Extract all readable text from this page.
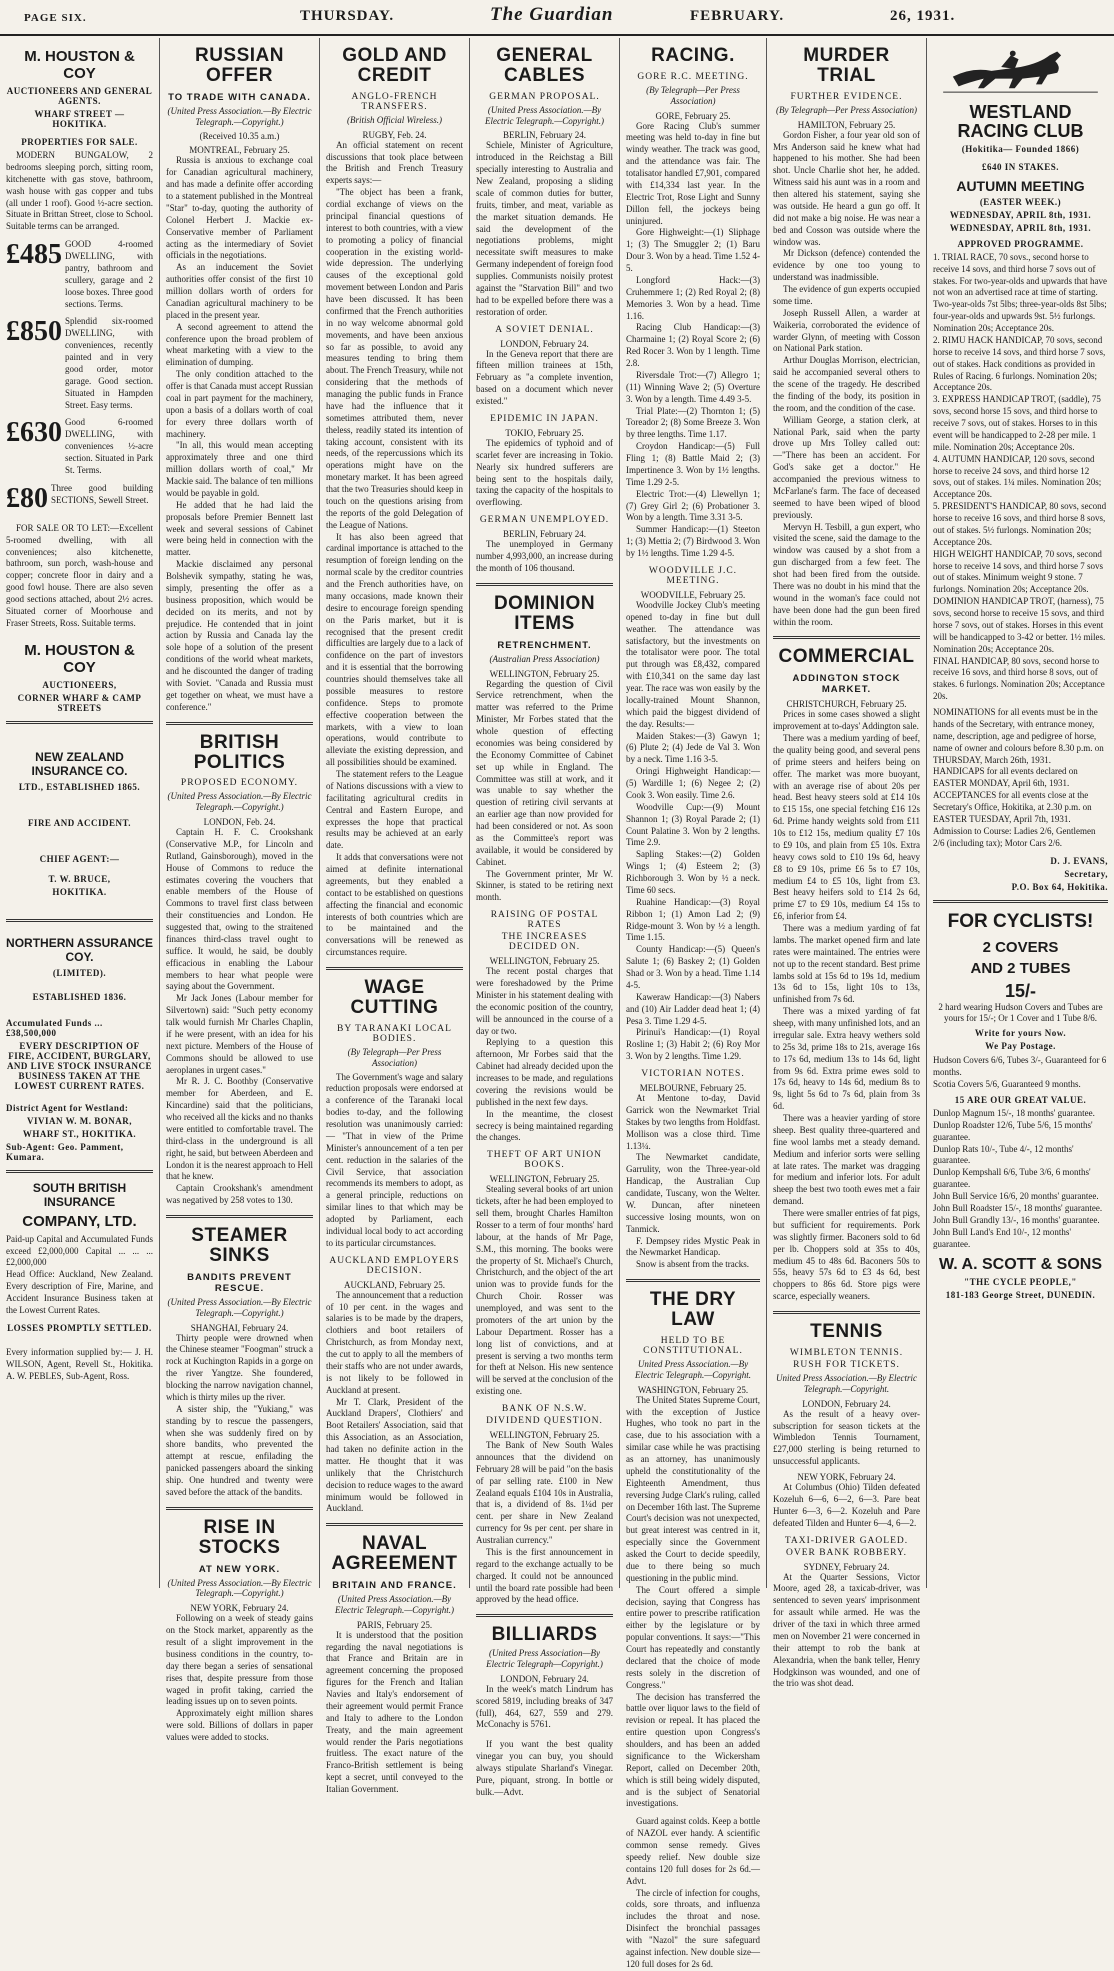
PAGE SIX.	THURSDAY.	The Guardian	FEBRUARY.	26, 1931.
M. HOUSTON & COY
AUCTIONEERS AND GENERAL AGENTS.
WHARF STREET — HOKITIKA.
PROPERTIES FOR SALE.

MODERN BUNGALOW, 2 bedrooms sleeping porch, sitting room, kitchenette with gas stove, bathroom, wash house with gas copper and tubs (all under 1 roof). Good ½-acre section. Situate in Brittan Street, close to School. Suitable terms can be arranged.

£485 GOOD 4-roomed DWELLING, with pantry, bathroom and scullery, garage and 2 loose boxes. Three good sections. Terms.

£850 Splendid six-roomed DWELLING, with conveniences, recently painted and in very good order, motor garage. Good section. Situated in Hampden Street. Easy terms.

£630 Good 6-roomed DWELLING, with conveniences ½-acre section. Situated in Park St. Terms.

£80 Three good building SECTIONS, Sewell Street.

FOR SALE OR TO LET:—Excellent 5-roomed dwelling, with all conveniences; also kitchenette, bathroom, sun porch, wash-house and copper; concrete floor in dairy and a good fowl house. There are also seven good sections attached, about 2½ acres. Situated corner of Moorhouse and Fraser Streets, Ross. Suitable terms.

M. HOUSTON & COY
AUCTIONEERS,
CORNER WHARF & CAMP STREETS
NEW ZEALAND INSURANCE CO.
LTD., ESTABLISHED 1865.
FIRE AND ACCIDENT.
CHIEF AGENT:—
T. W. BRUCE,
HOKITIKA.
NORTHERN ASSURANCE COY.
(LIMITED).
ESTABLISHED 1836.
Accumulated Funds ... £38,500,000
EVERY DESCRIPTION OF FIRE, ACCIDENT, BURGLARY, AND LIVE STOCK INSURANCE BUSINESS TAKEN AT THE LOWEST CURRENT RATES.
District Agent for Westland:
VIVIAN W. M. BONAR,
WHARF ST., HOKITIKA.
Sub-Agent: Geo. Pamment, Kumara.
SOUTH BRITISH INSURANCE
COMPANY, LTD.

Paid-up Capital and Accumulated Funds exceed £2,000,000 Capital ... ... ... £2,000,000

Head Office: Auckland, New Zealand. Every description of Fire, Marine, and Accident Insurance Business taken at the Lowest Current Rates.

LOSSES PROMPTLY SETTLED.

Every information supplied by:— J. H. WILSON, Agent, Revell St., Hokitika. A. W. PEBLES, Sub-Agent, Ross.

RUSSIAN OFFER
TO TRADE WITH CANADA.
(United Press Association.—By Electric Telegraph.—Copyright.)
(Received 10.35 a.m.)
MONTREAL, February 25.

Russia is anxious to exchange coal for Canadian agricultural machinery, and has made a definite offer according to a statement published in the Montreal "Star" to-day, quoting the authority of Colonel Herbert J. Mackie ex-Conservative member of Parliament acting as the intermediary of Soviet officials in the negotiations.

As an inducement the Soviet authorities offer consist of the first 10 million dollars worth of orders for Canadian agricultural machinery to be placed in the present year.

A second agreement to attend the conference upon the broad problem of wheat marketing with a view to the elimination of dumping.

The only condition attached to the offer is that Canada must accept Russian coal in part payment for the machinery, upon a basis of a dollars worth of coal for every three dollars worth of machinery.

"In all, this would mean accepting approximately three and one third million dollars worth of coal," Mr Mackie said. The balance of ten millions would be payable in gold.

He added that he had laid the proposals before Premier Bennett last week and several sessions of Cabinet were being held in connection with the matter.

Mackie disclaimed any personal Bolshevik sympathy, stating he was, simply, presenting the offer as a business proposition, which would be decided on its merits, and not by prejudice. He contended that in joint action by Russia and Canada lay the sole hope of a solution of the present conditions of the world wheat markets, and he discounted the danger of trading with Soviet. "Canada and Russia must get together on wheat, we must have a conference."

BRITISH POLITICS
PROPOSED ECONOMY.
(United Press Association.—By Electric Telegraph.—Copyright.)
LONDON, Feb. 24.

Captain H. F. C. Crookshank (Conservative M.P., for Lincoln and Rutland, Gainsborough), moved in the House of Commons to reduce the estimates covering the vouchers that enable members of the House of Commons to travel first class between their constituencies and London. He suggested that, owing to the straitened finances third-class travel ought to suffice. It would, he said, be doubly efficacious in enabling the Labour members to hear what people were saying about the Government.

Mr Jack Jones (Labour member for Silvertown) said: "Such petty economy talk would furnish Mr Charles Chaplin, if he were present, with an idea for his next picture. Members of the House of Commons should be allowed to use aeroplanes in urgent cases."

Mr R. J. C. Boothby (Conservative member for Aberdeen, and E. Kincardine) said that the politicians, who received all the kicks and no thanks were entitled to comfortable travel. The third-class in the underground is all right, he said, but between Aberdeen and London it is the nearest approach to Hell that he knew.

Captain Crookshank's amendment was negatived by 258 votes to 130.

STEAMER SINKS
BANDITS PREVENT RESCUE.
(United Press Association.—By Electric Telegraph.—Copyright.)
SHANGHAI, February 24.

Thirty people were drowned when the Chinese steamer "Foogman" struck a rock at Kuchington Rapids in a gorge on the river Yangtze. She foundered, blocking the narrow navigation channel, which is thirty miles up the river.

A sister ship, the "Yukiang," was standing by to rescue the passengers, when she was suddenly fired on by shore bandits, who prevented the attempt at rescue, enfilading the panicked passengers aboard the sinking ship. One hundred and twenty were saved before the attack of the bandits.

RISE IN STOCKS
AT NEW YORK.
(United Press Association.—By Electric Telegraph.—Copyright.)
NEW YORK, February 24.

Following on a week of steady gains on the Stock market, apparently as the result of a slight improvement in the business conditions in the country, to-day there began a series of sensational rises that, despite pressure from those waged in profit taking, carried the leading issues up on to seven points.

Approximately eight million shares were sold. Billions of dollars in paper values were added to stocks.

GOLD AND CREDIT
ANGLO-FRENCH TRANSFERS.
(British Official Wireless.)
RUGBY, Feb. 24.

An official statement on recent discussions that took place between the British and French Treasury experts says:—

"The object has been a frank, cordial exchange of views on the principal financial questions of interest to both countries, with a view to promoting a policy of financial cooperation in the existing world-wide depression. The underlying causes of the exceptional gold movement between London and Paris have been discussed. It has been confirmed that the French authorities in no way welcome abnormal gold movements, and have been anxious so far as possible, to avoid any measures tending to bring them about. The French Treasury, while not considering that the methods of managing the public funds in France have had the influence that it sometimes attributed them, never theless, readily stated its intention of taking account, consistent with its needs, of the repercussions which its operations might have on the monetary market. It has been agreed that the two Treasuries should keep in touch on the questions arising from the reports of the gold Delegation of the League of Nations.

It has also been agreed that cardinal importance is attached to the resumption of foreign lending on the normal scale by the creditor countries and the French authorities have, on many occasions, made known their desire to encourage foreign spending on the Paris market, but it is recognised that the present credit difficulties are largely due to a lack of confidence on the part of investors and it is essential that the borrowing countries should themselves take all possible measures to restore confidence. Steps to promote effective cooperation between the markets, with a view to loan operations, would contribute to alleviate the existing depression, and all possibilities should be examined.

The statement refers to the League of Nations discussions with a view to facilitating agricultural credits in Central and Eastern Europe, and expresses the hope that practical results may be achieved at an early date.

It adds that conversations were not aimed at definite international agreements, but they enabled a contact to be established on questions affecting the financial and economic interests of both countries which are to be maintained and the conversations will be renewed as circumstances require.

WAGE CUTTING
BY TARANAKI LOCAL BODIES.
(By Telegraph—Per Press Association)

The Government's wage and salary reduction proposals were endorsed at a conference of the Taranaki local bodies to-day, and the following resolution was unanimously carried:— "That in view of the Prime Minister's announcement of a ten per cent. reduction in the salaries of the Civil Service, that association recommends its members to adopt, as a general principle, reductions on similar lines to that which may be adopted by Parliament, each individual local body to act according to its particular circumstances.

AUCKLAND EMPLOYERS DECISION.
AUCKLAND, February 25.

The announcement that a reduction of 10 per cent. in the wages and salaries is to be made by the drapers, clothiers and boot retailers of Christchurch, as from Monday next, the cut to apply to all the members of their staffs who are not under awards, is not likely to be followed in Auckland at present.

Mr T. Clark, President of the Auckland Drapers', Clothiers' and Boot Retailers' Association, said that this Association, as an Association, had taken no definite action in the matter. He thought that it was unlikely that the Christchurch decision to reduce wages to the award minimum would be followed in Auckland.

NAVAL AGREEMENT
BRITAIN AND FRANCE.
(United Press Association.—By Electric Telegraph.—Copyright.)
PARIS, February 25.

It is understood that the position regarding the naval negotiations is that France and Britain are in agreement concerning the proposed figures for the French and Italian Navies and Italy's endorsement of their agreement would permit France and Italy to adhere to the London Treaty, and the main agreement would render the Paris negotiations fruitless. The exact nature of the Franco-British settlement is being kept a secret, until conveyed to the Italian Government.

GENERAL CABLES
GERMAN PROPOSAL.
(United Press Association.—By Electric Telegraph.—Copyright.)
BERLIN, February 24.

Schiele, Minister of Agriculture, introduced in the Reichstag a Bill specially interesting to Australia and New Zealand, proposing a sliding scale of common duties for butter, fruits, timber, and meat, variable as the market situation demands. He said the development of the negotiations problems, might necessitate swift measures to make Germany independent of foreign food supplies. Communists noisily protest against the "Starvation Bill" and two had to be expelled before there was a restoration of order.

A SOVIET DENIAL.
LONDON, February 24.

In the Geneva report that there are fifteen million trainees at 15th, February as "a complete invention, based on a document which never existed."

EPIDEMIC IN JAPAN.
TOKIO, February 25.

The epidemics of typhoid and of scarlet fever are increasing in Tokio. Nearly six hundred sufferers are being sent to the hospitals daily, taxing the capacity of the hospitals to overflowing.

GERMAN UNEMPLOYED.
BERLIN, February 24.

The unemployed in Germany number 4,993,000, an increase during the month of 106 thousand.

DOMINION ITEMS
RETRENCHMENT.
(Australian Press Association)
WELLINGTON, February 25.

Regarding the question of Civil Service retrenchment, when the matter was referred to the Prime Minister, Mr Forbes stated that the whole question of effecting economies was being considered by the Economy Committee of Cabinet set up while in England. The Committee was still at work, and it was unable to say whether the question of retiring civil servants at an earlier age than now provided for had been considered or not. As soon as the Committee's report was available, it would be considered by Cabinet.

The Government printer, Mr W. Skinner, is stated to be retiring next month.

RAISING OF POSTAL RATES
THE INCREASES DECIDED ON.
WELLINGTON, February 25.

The recent postal charges that were foreshadowed by the Prime Minister in his statement dealing with the economic position of the country, will be announced in the course of a day or two.

Replying to a question this afternoon, Mr Forbes said that the Cabinet had already decided upon the increases to be made, and regulations covering the revisions would be published in the next few days.

In the meantime, the closest secrecy is being maintained regarding the changes.

THEFT OF ART UNION BOOKS.
WELLINGTON, February 25.

Stealing several books of art union tickets, after he had been employed to sell them, brought Charles Hamilton Rosser to a term of four months' hard labour, at the hands of Mr Page, S.M., this morning. The books were the property of St. Michael's Church, Christchurch, and the object of the art union was to provide funds for the Church Choir. Rosser was unemployed, and was sent to the promoters of the art union by the Labour Department. Rosser has a long list of convictions, and at present is serving a two months term for theft at Nelson. His new sentence will be served at the conclusion of the existing one.

BANK OF N.S.W.
DIVIDEND QUESTION.
WELLINGTON, February 25.

The Bank of New South Wales announces that the dividend on February 28 will be paid "on the basis of par selling rate. £100 in New Zealand equals £104 10s in Australia, that is, a dividend of 8s. 1¼d per cent. per share in New Zealand currency for 9s per cent. per share in Australian currency."

This is the first announcement in regard to the exchange actually to be charged. It could not be announced until the board rate possible had been approved by the head office.

BILLIARDS
(United Press Association—By Electric Telegraph—Copyright.)
LONDON, February 24.

In the week's match Lindrum has scored 5819, including breaks of 347 (full), 464, 627, 559 and 279. McConachy is 5761.

If you want the best quality vinegar you can buy, you should always stipulate Sharland's Vinegar. Pure, piquant, strong. In bottle or bulk.—Advt.

RACING.
GORE R.C. MEETING.
(By Telegraph—Per Press Association)
GORE, February 25.

Gore Racing Club's summer meeting was held to-day in fine but windy weather. The track was good, and the attendance was fair. The totalisator handled £7,901, compared with £14,334 last year. In the Electric Trot, Rose Light and Sunny Dillon fell, the jockeys being uninjured.

Gore Highweight:—(1) Sliphage 1; (3) The Smuggler 2; (1) Baru Dour 3. Won by a head. Time 1.52 4-5.

Longford Hack:—(3) Cruhemmere 1; (2) Red Royal 2; (8) Memories 3. Won by a head. Time 1.16.

Racing Club Handicap:—(3) Charmaine 1; (2) Royal Score 2; (6) Red Rocer 3. Won by 1 length. Time 2.8.

Riversdale Trot:—(7) Allegro 1; (11) Winning Wave 2; (5) Overture 3. Won by a length. Time 4.49 3-5.

Trial Plate:—(2) Thornton 1; (5) Toreador 2; (8) Some Breeze 3. Won by three lengths. Time 1.17.

Croydon Handicap:—(5) Full Fling 1; (8) Battle Maid 2; (3) Impertinence 3. Won by 1½ lengths. Time 1.29 2-5.

Electric Trot:—(4) Llewellyn 1; (7) Grey Girl 2; (6) Probationer 3. Won by a length. Time 3.31 3-5.

Summer Handicap:—(1) Steeton 1; (3) Mettia 2; (7) Birdwood 3. Won by 1½ lengths. Time 1.29 4-5.

WOODVILLE J.C. MEETING.
WOODVILLE, February 25.

Woodville Jockey Club's meeting opened to-day in fine but dull weather. The attendance was satisfactory, but the investments on the totalisator were poor. The total put through was £8,432, compared with £10,341 on the same day last year. The race was won easily by the locally-trained Mount Shannon, which paid the biggest dividend of the day. Results:—

Maiden Stakes:—(3) Gawyn 1; (6) Plute 2; (4) Jede de Val 3. Won by a neck. Time 1.16 3-5.

Oringi Highweight Handicap:—(5) Wardille 1; (6) Negee 2; (2) Cook 3. Won easily. Time 2.6.

Woodville Cup:—(9) Mount Shannon 1; (3) Royal Parade 2; (1) Count Palatine 3. Won by 2 lengths. Time 2.9.

Sapling Stakes:—(2) Golden Wings 1; (4) Esteem 2; (3) Richborough 3. Won by ½ a neck. Time 60 secs.

Ruahine Handicap:—(3) Royal Ribbon 1; (1) Amon Lad 2; (9) Ridge-mount 3. Won by ½ a length. Time 1.15.

County Handicap:—(5) Queen's Salute 1; (6) Baskey 2; (1) Golden Shad or 3. Won by a head. Time 1.14 4-5.

Kaweraw Handicap:—(3) Nabers and (10) Air Ladder dead heat 1; (4) Pesa 3. Time 1.29 4-5.

Pirinui's Handicap:—(1) Royal Rosline 1; (3) Habit 2; (6) Roy Mor 3. Won by 2 lengths. Time 1.29.

VICTORIAN NOTES.
MELBOURNE, February 25.

At Mentone to-day, David Garrick won the Newmarket Trial Stakes by two lengths from Holdfast. Mollison was a close third. Time 1.13¼.

The Newmarket candidate, Garrulity, won the Three-year-old Handicap, the Australian Cup candidate, Tuscany, won the Welter. W. Duncan, after nineteen successive losing mounts, won on Tanmick.

F. Dempsey rides Mystic Peak in the Newmarket Handicap.

Snow is absent from the tracks.

THE DRY LAW
HELD TO BE CONSTITUTIONAL.
United Press Association.—By Electric Telegraph.—Copyright.
WASHINGTON, February 25.

The United States Supreme Court, with the exception of Justice Hughes, who took no part in the case, due to his association with a similar case while he was practising as an attorney, has unanimously upheld the constitutionality of the Eighteenth Amendment, thus reversing Judge Clark's ruling, called on December 16th last. The Supreme Court's decision was not unexpected, but great interest was centred in it, especially since the Government asked the Court to decide speedily, due to there being so much questioning in the public mind.

The Court offered a simple decision, saying that Congress has entire power to prescribe ratification either by the legislature or by popular conventions. It says:—"This Court has repeatedly and constantly declared that the choice of mode rests solely in the discretion of Congress."

The decision has transferred the battle over liquor laws to the field of revision or repeal. It has placed the entire question upon Congress's shoulders, and has been an added significance to the Wickersham Report, called on December 20th, which is still being widely disputed, and is the subject of Senatorial investigations.

Guard against colds. Keep a bottle of NAZOL ever handy. A scientific common sense remedy. Gives speedy relief. New double size contains 120 full doses for 2s 6d.—Advt.

The circle of infection for coughs, colds, sore throats, and influenza includes the throat and nose. Disinfect the bronchial passages with "Nazol" the sure safeguard against infection. New double size—120 full doses for 2s 6d.

MURDER TRIAL
FURTHER EVIDENCE.
(By Telegraph—Per Press Association)
HAMILTON, February 25.

Gordon Fisher, a four year old son of Mrs Anderson said he knew what had happened to his mother. She had been shot. Uncle Charlie shot her, he added. Witness said his aunt was in a room and then altered his statement, saying she was outside. He heard a gun go off. It did not make a big noise. He was near a bed and Cosson was outside where the window was.

Mr Dickson (defence) contended the evidence by one too young to understand was inadmissible.

The evidence of gun experts occupied some time.

Joseph Russell Allen, a warder at Waikeria, corroborated the evidence of warder Glynn, of meeting with Cosson on National Park station.

Arthur Douglas Morrison, electrician, said he accompanied several others to the scene of the tragedy. He described the finding of the body, its position in the room, and the condition of the case.

William George, a station clerk, at National Park, said when the party drove up Mrs Tolley called out:—"There has been an accident. For God's sake get a doctor." He accompanied the previous witness to McFarlane's farm. The face of deceased seemed to have been wiped of blood previously.

Mervyn H. Tesbill, a gun expert, who visited the scene, said the damage to the window was caused by a shot from a gun discharged from a few feet. The shot had been fired from the outside. There was no doubt in his mind that the wound in the woman's face could not have been done had the gun been fired within the room.

COMMERCIAL
ADDINGTON STOCK MARKET.
CHRISTCHURCH, February 25.

Prices in some cases showed a slight improvement at to-days' Addington sale.

There was a medium yarding of beef, the quality being good, and several pens of prime steers and heifers being on offer. The market was more buoyant, with an average rise of about 20s per head. Best heavy steers sold at £14 10s to £15 15s, one special fetching £16 12s 6d. Prime handy weights sold from £11 10s to £12 15s, medium quality £7 10s to £9 10s, and plain from £5 10s. Extra heavy cows sold to £10 19s 6d, heavy £8 to £9 10s, prime £6 5s to £7 10s, medium £4 to £5 10s, light from £3. Best heavy heifers sold to £14 2s 6d, prime £7 to £9 10s, medium £4 15s to £6, inferior from £4.

There was a medium yarding of fat lambs. The market opened firm and late rates were maintained. The entries were not up to the recent standard. Best prime lambs sold at 15s 6d to 19s 1d, medium 13s 6d to 15s, light 10s to 13s, unfinished from 7s 6d.

There was a mixed yarding of fat sheep, with many unfinished lots, and an irregular sale. Extra heavy wethers sold to 25s 3d, prime 18s to 21s, average 16s to 17s 6d, medium 13s to 14s 6d, light from 9s 6d. Extra prime ewes sold to 17s 6d, heavy to 14s 6d, medium 8s to 9s, light 5s 6d to 7s 6d, plain from 3s 6d.

There was a heavier yarding of store sheep. Best quality three-quartered and fine wool lambs met a steady demand. Medium and inferior sorts were selling at late rates. The market was dragging for medium and inferior lots. For adult sheep the best two tooth ewes met a fair demand.

There were smaller entries of fat pigs, but sufficient for requirements. Pork was slightly firmer. Baconers sold to 6d per lb. Choppers sold at 35s to 40s, medium 45 to 48s 6d. Baconers 50s to 55s, heavy 57s 6d to £3 4s 6d, best choppers to 86s 6d. Store pigs were scarce, especially weaners.

TENNIS
WIMBLETON TENNIS.
RUSH FOR TICKETS.
United Press Association.—By Electric Telegraph.—Copyright.
LONDON, February 24.

As the result of a heavy over-subscription for season tickets at the Wimbledon Tennis Tournament, £27,000 sterling is being returned to unsuccessful applicants.

NEW YORK, February 24.

At Columbus (Ohio) Tilden defeated Kozeluh 6—6, 6—2, 6—3. Pare beat Hunter 6—3, 6—2. Kozeluh and Pare defeated Tilden and Hunter 6—4, 6—2.

TAXI-DRIVER GAOLED.
OVER BANK ROBBERY.
SYDNEY, February 24.

At the Quarter Sessions, Victor Moore, aged 28, a taxicab-driver, was sentenced to seven years' imprisonment for assault while armed. He was the driver of the taxi in which three armed men on November 21 were concerned in their attempt to rob the bank at Alexandria, when the bank teller, Henry Hodgkinson was wounded, and one of the trio was shot dead.

WESTLAND RACING CLUB
(Hokitika— Founded 1866)
£640 IN STAKES.
AUTUMN MEETING
(EASTER WEEK.)
WEDNESDAY, APRIL 8th, 1931.
WEDNESDAY, APRIL 8th, 1931.
APPROVED PROGRAMME.

1. TRIAL RACE, 70 sovs., second horse to receive 14 sovs, and third horse 7 sovs out of stakes. For two-year-olds and upwards that have not won an advertised race at time of starting. Two-year-olds 7st 5lbs; three-year-olds 8st 5lbs; four-year-olds and upwards 9st. 5½ furlongs. Nomination 20s; Acceptance 20s.

2. RIMU HACK HANDICAP, 70 sovs, second horse to receive 14 sovs, and third horse 7 sovs, out of stakes. Hack conditions as provided in Rules of Racing. 6 furlongs. Nomination 20s; Acceptance 20s.

3. EXPRESS HANDICAP TROT, (saddle), 75 sovs, second horse 15 sovs, and third horse to receive 7 sovs, out of stakes. Horses to in this event will be handicapped to 2-28 per mile. 1 mile. Nomination 20s; Acceptance 20s.

4. AUTUMN HANDICAP, 120 sovs, second horse to receive 24 sovs, and third horse 12 sovs, out of stakes. 1¼ miles. Nomination 20s; Acceptance 20s.

5. PRESIDENT'S HANDICAP, 80 sovs, second horse to receive 16 sovs, and third horse 8 sovs, out of stakes. 5½ furlongs. Nomination 20s; Acceptance 20s.

HIGH WEIGHT HANDICAP, 70 sovs, second horse to receive 14 sovs, and third horse 7 sovs out of stakes. Minimum weight 9 stone. 7 furlongs. Nomination 20s; Acceptance 20s.

DOMINION HANDICAP TROT, (harness), 75 sovs, second horse to receive 15 sovs, and third horse 7 sovs, out of stakes. Horses in this event will be handicapped to 3-42 or better. 1½ miles. Nomination 20s; Acceptance 20s.

FINAL HANDICAP, 80 sovs, second horse to receive 16 sovs, and third horse 8 sovs, out of stakes. 6 furlongs. Nomination 20s; Acceptance 20s.

NOMINATIONS for all events must be in the hands of the Secretary, with entrance money, name, description, age and pedigree of horse, name of owner and colours before 8.30 p.m. on THURSDAY, March 26th, 1931.

HANDICAPS for all events declared on EASTER MONDAY, April 6th, 1931.

ACCEPTANCES for all events close at the Secretary's Office, Hokitika, at 2.30 p.m. on EASTER TUESDAY, April 7th, 1931.

Admission to Course: Ladies 2/6, Gentlemen 2/6 (including tax); Motor Cars 2/6.

D. J. EVANS,
Secretary,
P.O. Box 64, Hokitika.
FOR CYCLISTS!
2 COVERS
AND 2 TUBES
15/-

2 hard wearing Hudson Covers and Tubes are yours for 15/-; Or 1 Cover and 1 Tube 8/6.

Write for yours Now.
We Pay Postage.

Hudson Covers 6/6, Tubes 3/-, Guaranteed for 6 months.

Scotia Covers 5/6, Guaranteed 9 months.

15 ARE OUR GREAT VALUE.

Dunlop Magnum 15/-, 18 months' guarantee.

Dunlop Roadster 12/6, Tube 5/6, 15 months' guarantee.

Dunlop Rats 10/-, Tube 4/-, 12 months' guarantee.

Dunlop Kempshall 6/6, Tube 3/6, 6 months' guarantee.

John Bull Service 16/6, 20 months' guarantee.

John Bull Roadster 15/-, 18 months' guarantee.

John Bull Grandly 13/-, 16 months' guarantee.

John Bull Land's End 10/-, 12 months' guarantee.

W. A. SCOTT & SONS
"THE CYCLE PEOPLE,"
181-183 George Street, DUNEDIN.
